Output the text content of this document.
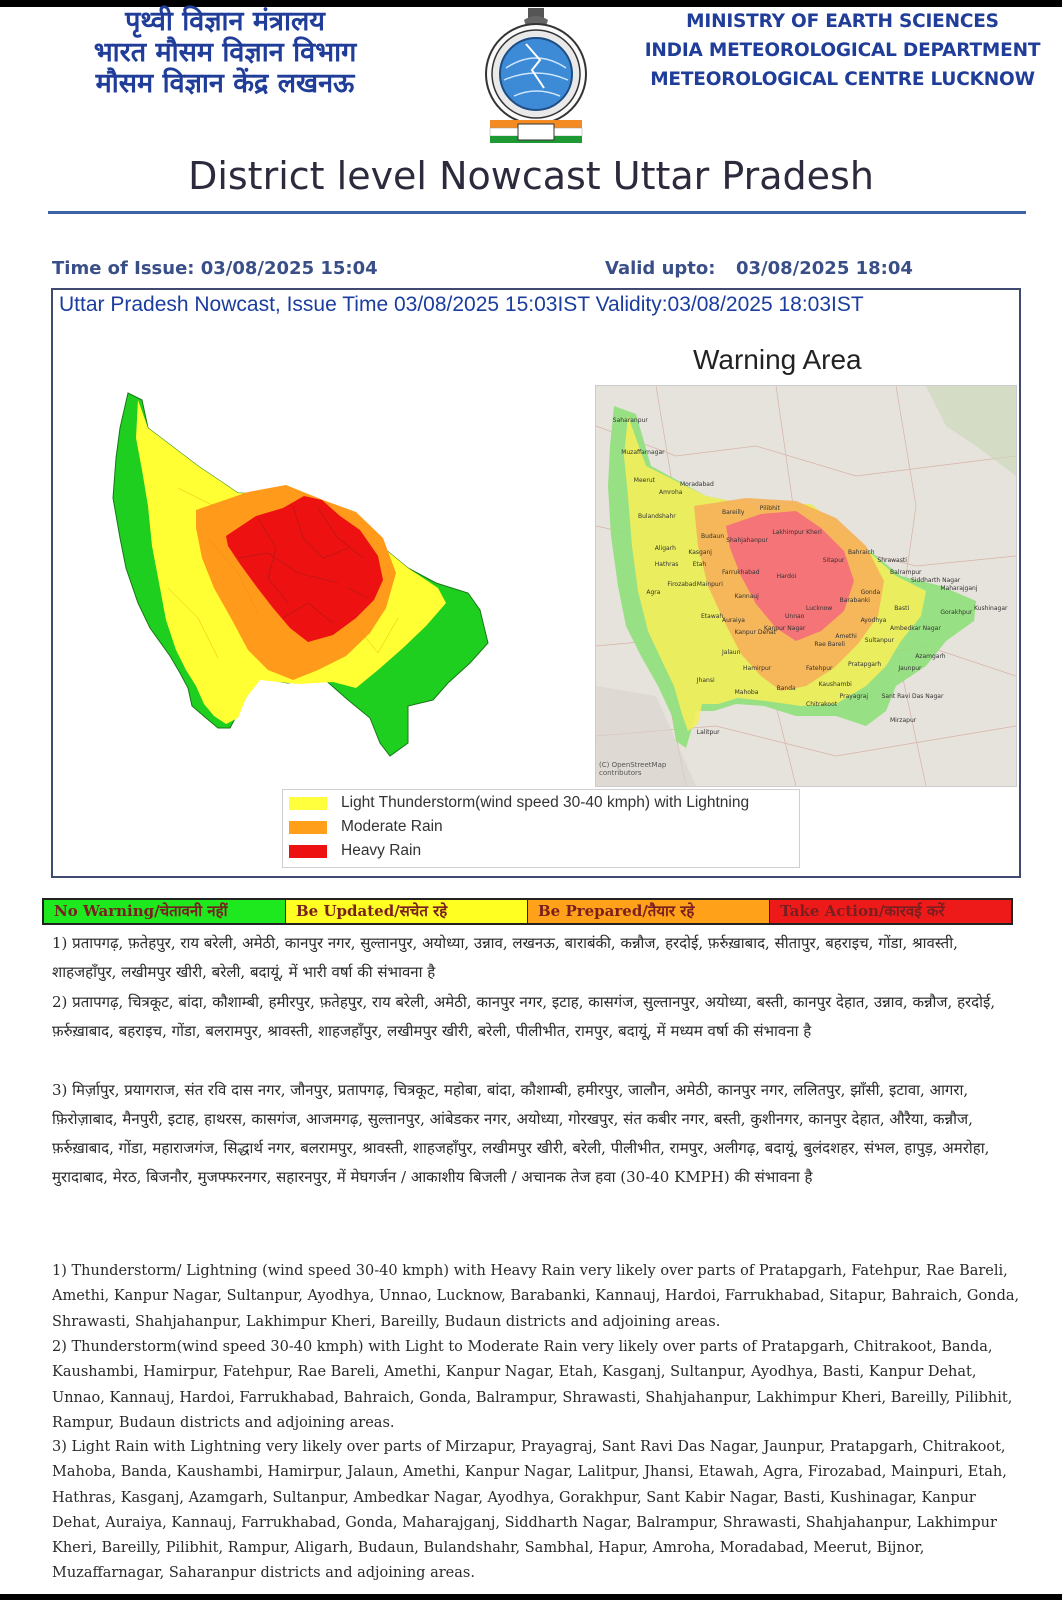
पृथ्वी विज्ञान मंत्रालय
भारत मौसम विज्ञान विभाग
मौसम विज्ञान केंद्र लखनऊ
MINISTRY OF EARTH SCIENCES
INDIA METEOROLOGICAL DEPARTMENT
METEOROLOGICAL CENTRE LUCKNOW
District level Nowcast Uttar Pradesh
Time of Issue: 03/08/2025 15:04	Valid upto: 03/08/2025 18:04
Uttar Pradesh Nowcast, Issue Time 03/08/2025 15:03IST Validity:03/08/2025 18:03IST
Warning Area
Saharanpur
Muzaffarnagar
Meerut
Moradabad
Amroha
Bulandshahr
Bareilly
Pilibhit
Lakhimpur Kheri
Budaun
Shahjahanpur
Aligarh
Kasganj
Hathras Etah
Agra
Firozabad Mainpuri
Farrukhabad
Kannauj
Hardoi
Sitapur
Bahraich
Shrawasti
Balrampur
Gonda
Lucknow
Barabanki
Unnao
Etawah
Auraiya
Kanpur Dehat
Kanpur Nagar
Rae Bareli
Amethi
Ayodhya
Basti
Siddharth Nagar
Maharajganj
Gorakhpur
Kushinagar
Sultanpur
Ambedkar Nagar
Azamgarh
Jalaun
Jhansi
Hamirpur	Fatehpur
Pratapgarh
Jaunpur
Mahoba
Banda
Kaushambi
Prayagraj
Chitrakoot
Sant Ravi Das Nagar
Lalitpur
Mirzapur
(C) OpenStreetMap contributors
Light Thunderstorm(wind speed 30-40 kmph) with Lightning
Moderate Rain
Heavy Rain
No Warning/चेतावनी नहीं	Be Updated/सचेत रहे	Be Prepared/तैयार रहे	Take Action/कारवई करें

1) प्रतापगढ़, फ़तेहपुर, राय बरेली, अमेठी, कानपुर नगर, सुल्तानपुर, अयोध्या, उन्नाव, लखनऊ, बाराबंकी, कन्नौज, हरदोई, फ़र्रुख़ाबाद, सीतापुर, बहराइच, गोंडा, श्रावस्ती, शाहजहाँपुर, लखीमपुर खीरी, बरेली, बदायूं, में भारी वर्षा की संभावना है

2) प्रतापगढ़, चित्रकूट, बांदा, कौशाम्बी, हमीरपुर, फ़तेहपुर, राय बरेली, अमेठी, कानपुर नगर, इटाह, कासगंज, सुल्तानपुर, अयोध्या, बस्ती, कानपुर देहात, उन्नाव, कन्नौज, हरदोई, फ़र्रुख़ाबाद, बहराइच, गोंडा, बलरामपुर, श्रावस्ती, शाहजहाँपुर, लखीमपुर खीरी, बरेली, पीलीभीत, रामपुर, बदायूं, में मध्यम वर्षा की संभावना है

3) मिर्ज़ापुर, प्रयागराज, संत रवि दास नगर, जौनपुर, प्रतापगढ़, चित्रकूट, महोबा, बांदा, कौशाम्बी, हमीरपुर, जालौन, अमेठी, कानपुर नगर, ललितपुर, झाँसी, इटावा, आगरा, फ़िरोज़ाबाद, मैनपुरी, इटाह, हाथरस, कासगंज, आजमगढ़, सुल्तानपुर, आंबेडकर नगर, अयोध्या, गोरखपुर, संत कबीर नगर, बस्ती, कुशीनगर, कानपुर देहात, औरैया, कन्नौज, फ़र्रुख़ाबाद, गोंडा, महाराजगंज, सिद्धार्थ नगर, बलरामपुर, श्रावस्ती, शाहजहाँपुर, लखीमपुर खीरी, बरेली, पीलीभीत, रामपुर, अलीगढ़, बदायूं, बुलंदशहर, संभल, हापुड़, अमरोहा, मुरादाबाद, मेरठ, बिजनौर, मुजफ्फरनगर, सहारनपुर, में मेघगर्जन / आकाशीय बिजली / अचानक तेज हवा (30-40 KMPH) की संभावना है

1) Thunderstorm/ Lightning (wind speed 30-40 kmph) with Heavy Rain very likely over parts of Pratapgarh, Fatehpur, Rae Bareli, Amethi, Kanpur Nagar, Sultanpur, Ayodhya, Unnao, Lucknow, Barabanki, Kannauj, Hardoi, Farrukhabad, Sitapur, Bahraich, Gonda, Shrawasti, Shahjahanpur, Lakhimpur Kheri, Bareilly, Budaun districts and adjoining areas.

2) Thunderstorm(wind speed 30-40 kmph) with Light to Moderate Rain very likely over parts of Pratapgarh, Chitrakoot, Banda, Kaushambi, Hamirpur, Fatehpur, Rae Bareli, Amethi, Kanpur Nagar, Etah, Kasganj, Sultanpur, Ayodhya, Basti, Kanpur Dehat, Unnao, Kannauj, Hardoi, Farrukhabad, Bahraich, Gonda, Balrampur, Shrawasti, Shahjahanpur, Lakhimpur Kheri, Bareilly, Pilibhit, Rampur, Budaun districts and adjoining areas.

3) Light Rain with Lightning very likely over parts of Mirzapur, Prayagraj, Sant Ravi Das Nagar, Jaunpur, Pratapgarh, Chitrakoot, Mahoba, Banda, Kaushambi, Hamirpur, Jalaun, Amethi, Kanpur Nagar, Lalitpur, Jhansi, Etawah, Agra, Firozabad, Mainpuri, Etah, Hathras, Kasganj, Azamgarh, Sultanpur, Ambedkar Nagar, Ayodhya, Gorakhpur, Sant Kabir Nagar, Basti, Kushinagar, Kanpur Dehat, Auraiya, Kannauj, Farrukhabad, Gonda, Maharajganj, Siddharth Nagar, Balrampur, Shrawasti, Shahjahanpur, Lakhimpur Kheri, Bareilly, Pilibhit, Rampur, Aligarh, Budaun, Bulandshahr, Sambhal, Hapur, Amroha, Moradabad, Meerut, Bijnor, Muzaffarnagar, Saharanpur districts and adjoining areas.
